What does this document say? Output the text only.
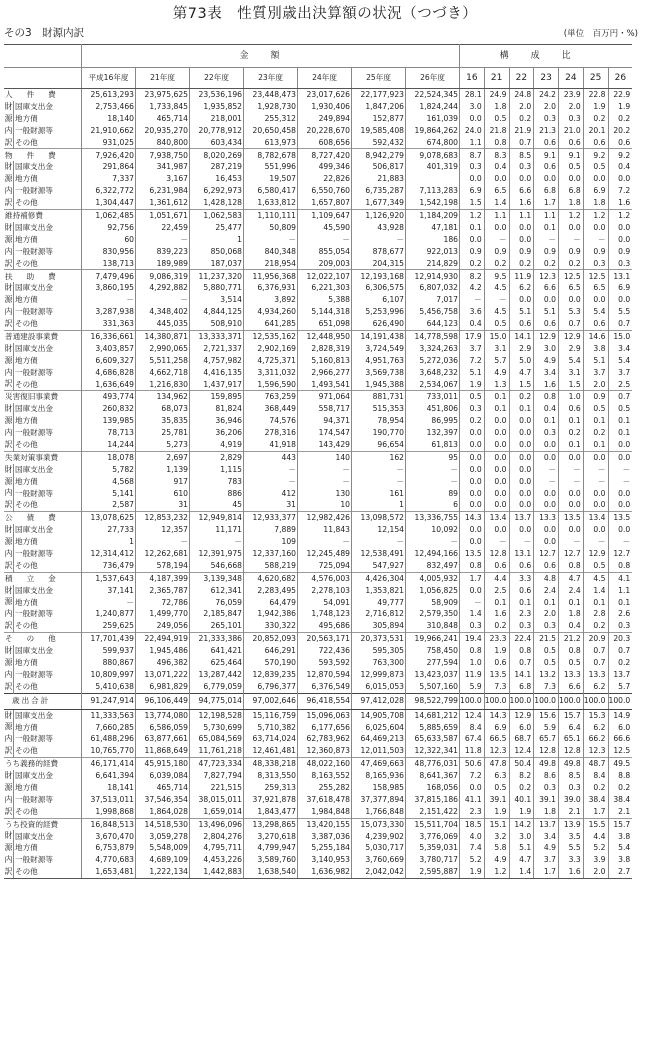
第73表　性質別歳出決算額の状況（つづき）
その3　財源内訳	(単位　百万円・%)
		金額							構成比						
		平成16年度	21年度	22年度	23年度	24年度	25年度	26年度	16	21	22	23	24	25	26
人件費		25,613,293	23,975,625	23,536,196	23,448,473	23,017,626	22,177,923	22,524,345	28.1	24.9	24.8	24.2	23.9	22.8	22.9
財	国庫支出金	2,753,466	1,733,845	1,935,852	1,928,730	1,930,406	1,847,206	1,824,244	3.0	1.8	2.0	2.0	2.0	1.9	1.9
源	地方債	18,140	465,714	218,001	255,312	249,894	152,877	161,039	0.0	0.5	0.2	0.3	0.3	0.2	0.2
内	一般財源等	21,910,662	20,935,270	20,778,912	20,650,458	20,228,670	19,585,408	19,864,262	24.0	21.8	21.9	21.3	21.0	20.1	20.2
訳	その他	931,025	840,800	603,434	613,973	608,656	592,432	674,800	1.1	0.8	0.7	0.6	0.6	0.6	0.6
物件費		7,926,420	7,938,750	8,020,269	8,782,678	8,727,420	8,942,279	9,078,683	8.7	8.3	8.5	9.1	9.1	9.2	9.2
財	国庫支出金	291,864	341,987	287,219	551,996	499,346	506,817	401,319	0.3	0.4	0.3	0.6	0.5	0.5	0.4
源	地方債	7,337	3,167	16,453	19,507	22,826	21,883		0.0	0.0	0.0	0.0	0.0	0.0	0.0
内	一般財源等	6,322,772	6,231,984	6,292,973	6,580,417	6,550,760	6,735,287	7,113,283	6.9	6.5	6.6	6.8	6.8	6.9	7.2
訳	その他	1,304,447	1,361,612	1,428,128	1,633,812	1,657,807	1,677,349	1,542,198	1.5	1.4	1.6	1.7	1.8	1.8	1.6
維持補修費		1,062,485	1,051,671	1,062,583	1,110,111	1,109,647	1,126,920	1,184,209	1.2	1.1	1.1	1.1	1.2	1.2	1.2
財	国庫支出金	92,756	22,459	25,477	50,809	45,590	43,928	47,181	0.1	0.0	0.0	0.1	0.0	0.0	0.0
源	地方債	60	－	1	－	－	－	186	0.0	－	0.0	－	－	－	0.0
内	一般財源等	830,956	839,223	850,068	840,348	855,054	878,677	922,013	0.9	0.9	0.9	0.9	0.9	0.9	0.9
訳	その他	138,713	189,989	187,037	218,954	209,003	204,315	214,829	0.2	0.2	0.2	0.2	0.2	0.3	0.3
扶助費		7,479,496	9,086,319	11,237,320	11,956,368	12,022,107	12,193,168	12,914,930	8.2	9.5	11.9	12.3	12.5	12.5	13.1
財	国庫支出金	3,860,195	4,292,882	5,880,771	6,376,931	6,221,303	6,306,575	6,807,032	4.2	4.5	6.2	6.6	6.5	6.5	6.9
源	地方債	－	－	3,514	3,892	5,388	6,107	7,017	－	－	0.0	0.0	0.0	0.0	0.0
内	一般財源等	3,287,938	4,348,402	4,844,125	4,934,260	5,144,318	5,253,996	5,456,758	3.6	4.5	5.1	5.1	5.3	5.4	5.5
訳	その他	331,363	445,035	508,910	641,285	651,098	626,490	644,123	0.4	0.5	0.6	0.6	0.7	0.6	0.7
普通建設事業費		16,336,661	14,380,871	13,333,371	12,535,162	12,448,950	14,191,438	14,778,598	17.9	15.0	14.1	12.9	12.9	14.6	15.0
財	国庫支出金	3,403,857	2,990,065	2,721,337	2,902,169	2,828,319	3,724,549	3,324,263	3.7	3.1	2.9	3.0	2.9	3.8	3.4
源	地方債	6,609,327	5,511,258	4,757,982	4,725,371	5,160,813	4,951,763	5,272,036	7.2	5.7	5.0	4.9	5.4	5.1	5.4
内	一般財源等	4,686,828	4,662,718	4,416,135	3,311,032	2,966,277	3,569,738	3,648,232	5.1	4.9	4.7	3.4	3.1	3.7	3.7
訳	その他	1,636,649	1,216,830	1,437,917	1,596,590	1,493,541	1,945,388	2,534,067	1.9	1.3	1.5	1.6	1.5	2.0	2.5
災害復旧事業費		493,774	134,962	159,895	763,259	971,064	881,731	733,011	0.5	0.1	0.2	0.8	1.0	0.9	0.7
財	国庫支出金	260,832	68,073	81,824	368,449	558,717	515,353	451,806	0.3	0.1	0.1	0.4	0.6	0.5	0.5
源	地方債	139,985	35,835	36,946	74,576	94,371	78,954	86,995	0.2	0.0	0.0	0.1	0.1	0.1	0.1
内	一般財源等	78,713	25,781	36,206	278,316	174,547	190,770	132,397	0.0	0.0	0.0	0.3	0.2	0.2	0.1
訳	その他	14,244	5,273	4,919	41,918	143,429	96,654	61,813	0.0	0.0	0.0	0.0	0.1	0.1	0.0
失業対策事業費		18,078	2,697	2,829	443	140	162	95	0.0	0.0	0.0	0.0	0.0	0.0	0.0
財	国庫支出金	5,782	1,139	1,115	－	－	－	－	0.0	0.0	0.0	－	－	－	－
源	地方債	4,568	917	783	－	－	－	－	0.0	0.0	0.0	－	－	－	－
内	一般財源等	5,141	610	886	412	130	161	89	0.0	0.0	0.0	0.0	0.0	0.0	0.0
訳	その他	2,587	31	45	31	10	1	6	0.0	0.0	0.0	0.0	0.0	0.0	0.0
公債費		13,078,625	12,853,232	12,949,814	12,933,377	12,982,426	13,098,572	13,336,755	14.3	13.4	13.7	13.3	13.5	13.4	13.5
財	国庫支出金	27,733	12,357	11,171	7,889	11,843	12,154	10,092	0.0	0.0	0.0	0.0	0.0	0.0	0.0
源	地方債	1	－	－	109	－	－	－	0.0	－	－	0.0	－	－	－
内	一般財源等	12,314,412	12,262,681	12,391,975	12,337,160	12,245,489	12,538,491	12,494,166	13.5	12.8	13.1	12.7	12.7	12.9	12.7
訳	その他	736,479	578,194	546,668	588,219	725,094	547,927	832,497	0.8	0.6	0.6	0.6	0.8	0.5	0.8
積立金		1,537,643	4,187,399	3,139,348	4,620,682	4,576,003	4,426,304	4,005,932	1.7	4.4	3.3	4.8	4.7	4.5	4.1
財	国庫支出金	37,141	2,365,787	612,341	2,283,495	2,278,103	1,353,821	1,056,825	0.0	2.5	0.6	2.4	2.4	1.4	1.1
源	地方債	－	72,786	76,059	64,479	54,091	49,777	58,909	－	0.1	0.1	0.1	0.1	0.1	0.1
内	一般財源等	1,240,877	1,499,770	2,185,847	1,942,386	1,748,123	2,716,812	2,579,350	1.4	1.6	2.3	2.0	1.8	2.8	2.6
訳	その他	259,625	249,056	265,101	330,322	495,686	305,894	310,848	0.3	0.2	0.3	0.3	0.4	0.2	0.3
その他		17,701,439	22,494,919	21,333,386	20,852,093	20,563,171	20,373,531	19,966,241	19.4	23.3	22.4	21.5	21.2	20.9	20.3
財	国庫支出金	599,937	1,945,486	641,421	646,291	722,436	595,305	758,450	0.8	1.9	0.8	0.5	0.8	0.7	0.7
源	地方債	880,867	496,382	625,464	570,190	593,592	763,300	277,594	1.0	0.6	0.7	0.5	0.5	0.7	0.2
内	一般財源等	10,809,997	13,071,222	13,287,442	12,839,235	12,870,594	12,999,873	13,423,037	11.9	13.5	14.1	13.2	13.3	13.3	13.7
訳	その他	5,410,638	6,981,829	6,779,059	6,796,377	6,376,549	6,015,053	5,507,160	5.9	7.3	6.8	7.3	6.6	6.2	5.7
歳出合計		91,247,914	96,106,449	94,775,014	97,002,646	96,418,554	97,412,028	98,522,799	100.0	100.0	100.0	100.0	100.0	100.0	100.0
財	国庫支出金	11,333,563	13,774,080	12,198,528	15,116,759	15,096,063	14,905,708	14,681,212	12.4	14.3	12.9	15.6	15.7	15.3	14.9
源	地方債	7,660,285	6,586,059	5,730,699	5,710,382	6,177,656	6,025,604	5,885,659	8.4	6.9	6.0	5.9	6.4	6.2	6.0
内	一般財源等	61,488,296	63,877,661	65,084,569	63,714,024	62,783,962	64,469,213	65,633,587	67.4	66.5	68.7	65.7	65.1	66.2	66.6
訳	その他	10,765,770	11,868,649	11,761,218	12,461,481	12,360,873	12,011,503	12,322,341	11.8	12.3	12.4	12.8	12.8	12.3	12.5
うち義務的経費		46,171,414	45,915,180	47,723,334	48,338,218	48,022,160	47,469,663	48,776,031	50.6	47.8	50.4	49.8	49.8	48.7	49.5
財	国庫支出金	6,641,394	6,039,084	7,827,794	8,313,550	8,163,552	8,165,936	8,641,367	7.2	6.3	8.2	8.6	8.5	8.4	8.8
源	地方債	18,141	465,714	221,515	259,313	255,282	158,985	168,056	0.0	0.5	0.2	0.3	0.3	0.2	0.2
内	一般財源等	37,513,011	37,546,354	38,015,011	37,921,878	37,618,478	37,377,894	37,815,186	41.1	39.1	40.1	39.1	39.0	38.4	38.4
訳	その他	1,998,868	1,864,028	1,659,014	1,843,477	1,984,848	1,766,848	2,151,422	2.3	1.9	1.9	1.8	2.1	1.7	2.1
うち投資的経費		16,848,513	14,518,530	13,496,096	13,298,865	13,420,155	15,073,330	15,511,704	18.5	15.1	14.2	13.7	13.9	15.5	15.7
財	国庫支出金	3,670,470	3,059,278	2,804,276	3,270,618	3,387,036	4,239,902	3,776,069	4.0	3.2	3.0	3.4	3.5	4.4	3.8
源	地方債	6,753,879	5,548,009	4,795,711	4,799,947	5,255,184	5,030,717	5,359,031	7.4	5.8	5.1	4.9	5.5	5.2	5.4
内	一般財源等	4,770,683	4,689,109	4,453,226	3,589,760	3,140,953	3,760,669	3,780,717	5.2	4.9	4.7	3.7	3.3	3.9	3.8
訳	その他	1,653,481	1,222,134	1,442,883	1,638,540	1,636,982	2,042,042	2,595,887	1.9	1.2	1.4	1.7	1.6	2.0	2.7
